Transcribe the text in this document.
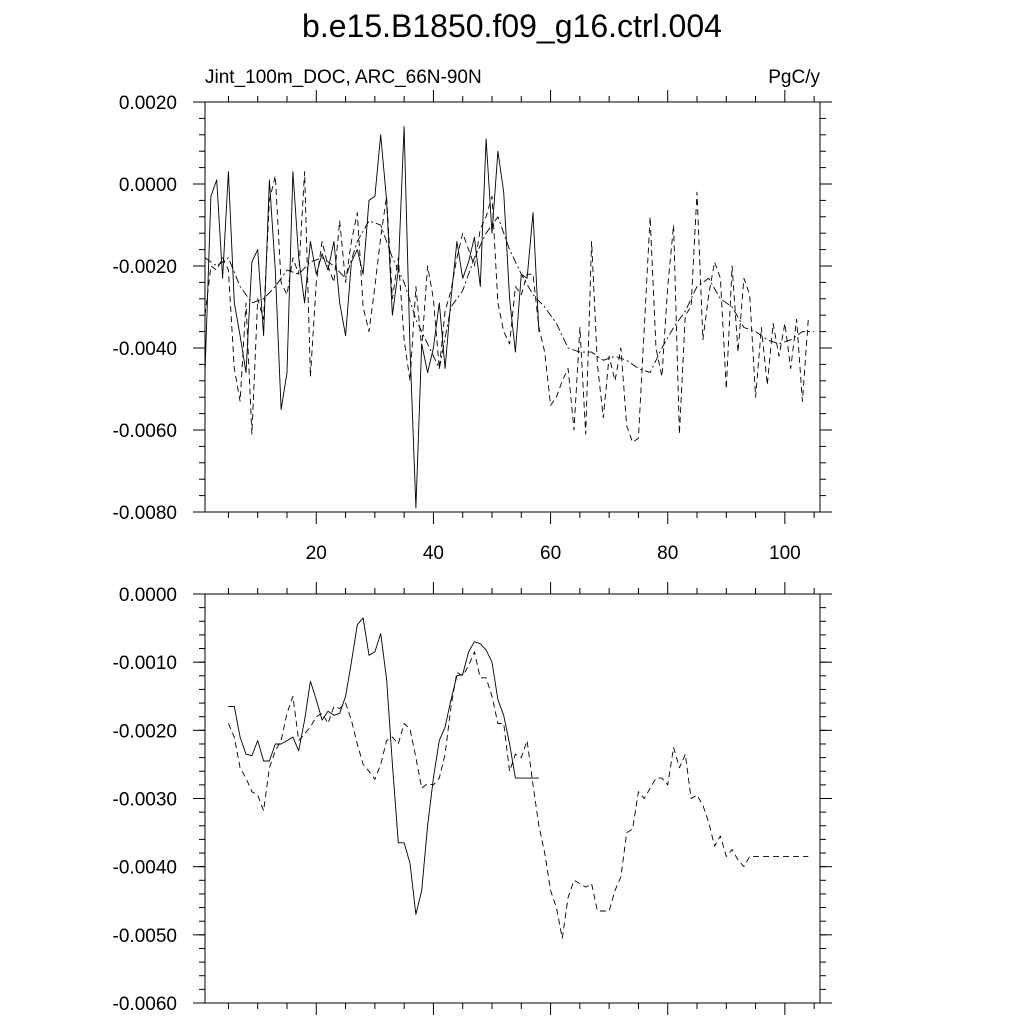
b.e15.B1850.f09_g16.ctrl.004
Jint_100m_DOC, ARC_66N-90N	PgC/y
0.0020
0.0000
-0.0020
-0.0040
-0.0060
-0.0080
20	40	60	80	100
0.0000
-0.0010
-0.0020
-0.0030
-0.0040
-0.0050
-0.0060
